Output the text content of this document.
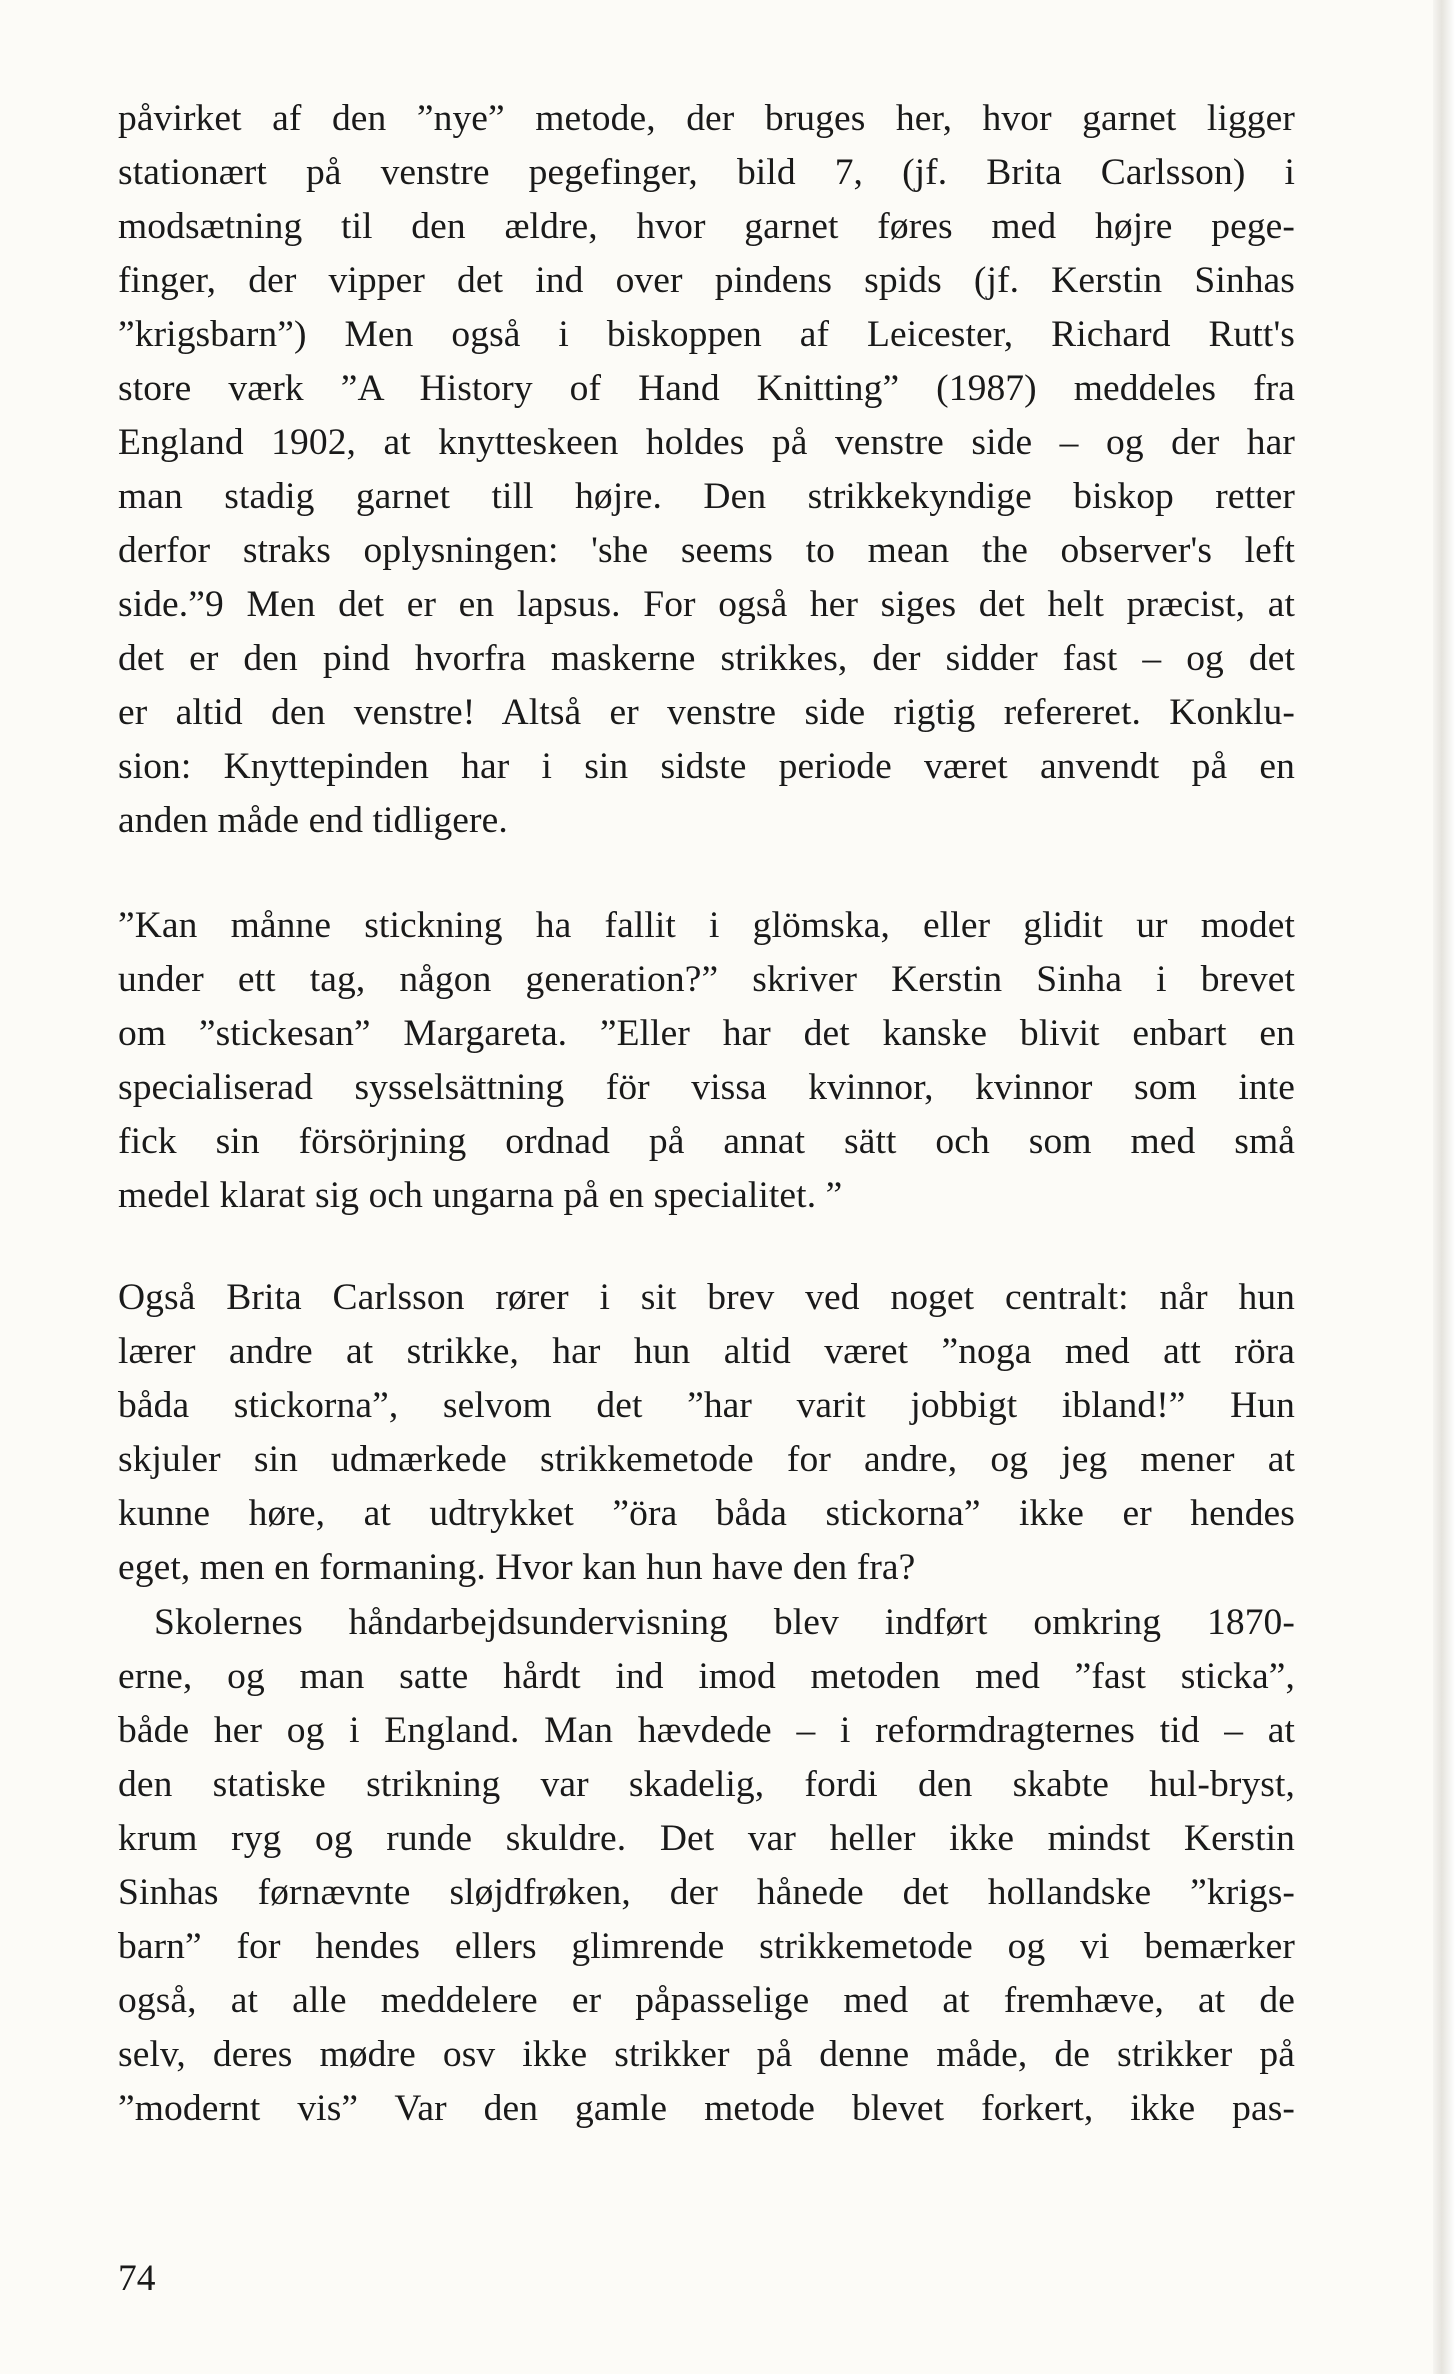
påvirket af den ”nye” metode, der bruges her, hvor garnet ligger
stationært på venstre pegefinger, bild 7, (jf. Brita Carlsson) i
modsætning til den ældre, hvor garnet føres med højre pege-
finger, der vipper det ind over pindens spids (jf. Kerstin Sinhas
”krigsbarn”) Men også i biskoppen af Leicester, Richard Rutt's
store værk ”A History of Hand Knitting” (1987) meddeles fra
England 1902, at knytteskeen holdes på venstre side – og der har
man stadig garnet till højre. Den strikkekyndige biskop retter
derfor straks oplysningen: 'she seems to mean the observer's left
side.”9 Men det er en lapsus. For også her siges det helt præcist, at
det er den pind hvorfra maskerne strikkes, der sidder fast – og det
er altid den venstre! Altså er venstre side rigtig refereret. Konklu-
sion: Knyttepinden har i sin sidste periode været anvendt på en
anden måde end tidligere.
”Kan månne stickning ha fallit i glömska, eller glidit ur modet
under ett tag, någon generation?” skriver Kerstin Sinha i brevet
om ”stickesan” Margareta. ”Eller har det kanske blivit enbart en
specialiserad sysselsättning för vissa kvinnor, kvinnor som inte
fick sin försörjning ordnad på annat sätt och som med små
medel klarat sig och ungarna på en specialitet. ”
Også Brita Carlsson rører i sit brev ved noget centralt: når hun
lærer andre at strikke, har hun altid været ”noga med att röra
båda stickorna”, selvom det ”har varit jobbigt ibland!” Hun
skjuler sin udmærkede strikkemetode for andre, og jeg mener at
kunne høre, at udtrykket ”öra båda stickorna” ikke er hendes
eget, men en formaning. Hvor kan hun have den fra?
Skolernes håndarbejdsundervisning blev indført omkring 1870-
erne, og man satte hårdt ind imod metoden med ”fast sticka”,
både her og i England. Man hævdede – i reformdragternes tid – at
den statiske strikning var skadelig, fordi den skabte hul-bryst,
krum ryg og runde skuldre. Det var heller ikke mindst Kerstin
Sinhas førnævnte sløjdfrøken, der hånede det hollandske ”krigs-
barn” for hendes ellers glimrende strikkemetode og vi bemærker
også, at alle meddelere er påpasselige med at fremhæve, at de
selv, deres mødre osv ikke strikker på denne måde, de strikker på
”modernt vis” Var den gamle metode blevet forkert, ikke pas-
74
